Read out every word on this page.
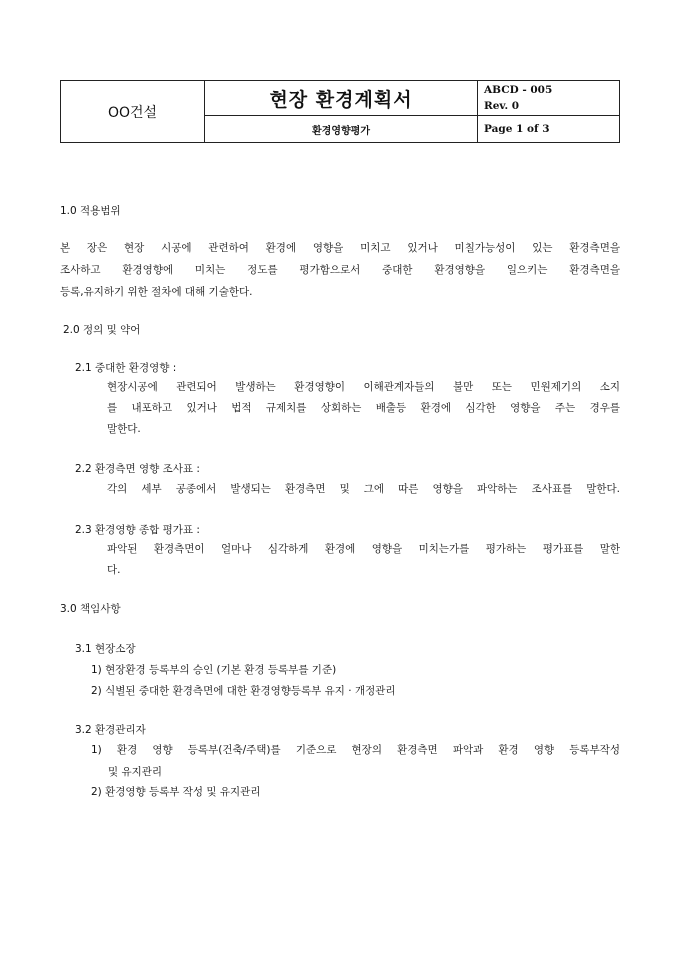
OO건설	현장 환경계획서	ABCD - 005
Rev. 0

	환경영향평가	Page 1 of 3
1.0 적용범위
본 장은 현장 시공에 관련하여 환경에 영향을 미치고 있거나 미칠가능성이 있는 환경측면을
조사하고 환경영향에 미치는 정도를 평가함으로서 중대한 환경영향을 일으키는 환경측면을
등록,유지하기 위한 절차에 대해 기술한다.
2.0 정의 및 약어
2.1 중대한 환경영향 :
현장시공에 관련되어 발생하는 환경영향이 이해관계자들의 불만 또는 민원제기의 소지
를 내포하고 있거나 법적 규제치를 상회하는 배출등 환경에 심각한 영향을 주는 경우를
말한다.
2.2 환경측면 영향 조사표 :
각의 세부 공종에서 발생되는 환경측면 및 그에 따른 영향을 파악하는 조사표를 말한다.
2.3 환경영향 종합 평가표 :
파악된 환경측면이 얼마나 심각하게 환경에 영향을 미치는가를 평가하는 평가표를 말한
다.
3.0 책임사항
3.1 현장소장
1) 현장환경 등록부의 승인 (기본 환경 등록부를 기준)
2) 식별된 중대한 환경측면에 대한 환경영향등록부 유지 · 개정관리
3.2 환경관리자
1) 환경 영향 등록부(건축/주택)를 기준으로 현장의 환경측면 파악과 환경 영향 등록부작성
및 유지관리
2) 환경영향 등록부 작성 및 유지관리
